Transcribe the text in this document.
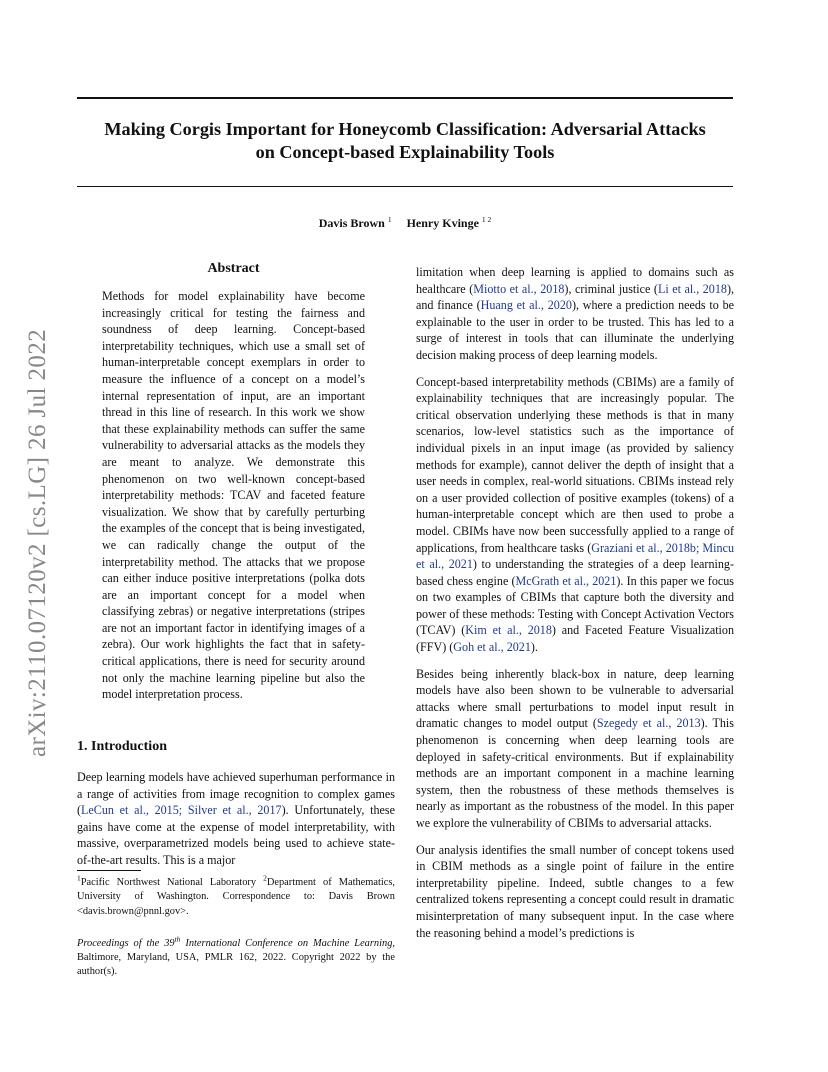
arXiv:2110.07120v2 [cs.LG] 26 Jul 2022
Making Corgis Important for Honeycomb Classification: Adversarial Attacks
on Concept-based Explainability Tools

Davis Brown $^1$ Henry Kvinge $^{1 2}$

Abstract

Methods for model explainability have become increasingly critical for testing the fairness and soundness of deep learning. Concept-based interpretability techniques, which use a small set of human-interpretable concept exemplars in order to measure the influence of a concept on a model’s internal representation of input, are an important thread in this line of research. In this work we show that these explainability methods can suffer the same vulnerability to adversarial attacks as the models they are meant to analyze. We demonstrate this phenomenon on two well-known concept-based interpretability methods: TCAV and faceted feature visualization. We show that by carefully perturbing the examples of the concept that is being investigated, we can radically change the output of the interpretability method. The attacks that we propose can either induce positive interpretations (polka dots are an important concept for a model when classifying zebras) or negative interpretations (stripes are not an important factor in identifying images of a zebra). Our work highlights the fact that in safety-critical applications, there is need for security around not only the machine learning pipeline but also the model interpretation process.

1. Introduction

Deep learning models have achieved superhuman performance in a range of activities from image recognition to complex games (LeCun et al., 2015; Silver et al., 2017). Unfortunately, these gains have come at the expense of model interpretability, with massive, overparametrized models being used to achieve state-of-the-art results. This is a major

$^1$Pacific Northwest National Laboratory $^2$Department of Mathematics, University of Washington. Correspondence to: Davis Brown <davis.brown@pnnl.gov>.

Proceedings of the 39th International Conference on Machine Learning, Baltimore, Maryland, USA, PMLR 162, 2022. Copyright 2022 by the author(s).

limitation when deep learning is applied to domains such as healthcare (Miotto et al., 2018), criminal justice (Li et al., 2018), and finance (Huang et al., 2020), where a prediction needs to be explainable to the user in order to be trusted. This has led to a surge of interest in tools that can illuminate the underlying decision making process of deep learning models.

Concept-based interpretability methods (CBIMs) are a family of explainability techniques that are increasingly popular. The critical observation underlying these methods is that in many scenarios, low-level statistics such as the importance of individual pixels in an input image (as provided by saliency methods for example), cannot deliver the depth of insight that a user needs in complex, real-world situations. CBIMs instead rely on a user provided collection of positive examples (tokens) of a human-interpretable concept which are then used to probe a model. CBIMs have now been successfully applied to a range of applications, from healthcare tasks (Graziani et al., 2018b; Mincu et al., 2021) to understanding the strategies of a deep learning-based chess engine (McGrath et al., 2021). In this paper we focus on two examples of CBIMs that capture both the diversity and power of these methods: Testing with Concept Activation Vectors (TCAV) (Kim et al., 2018) and Faceted Feature Visualization (FFV) (Goh et al., 2021).

Besides being inherently black-box in nature, deep learning models have also been shown to be vulnerable to adversarial attacks where small perturbations to model input result in dramatic changes to model output (Szegedy et al., 2013). This phenomenon is concerning when deep learning tools are deployed in safety-critical environments. But if explainability methods are an important component in a machine learning system, then the robustness of these methods themselves is nearly as important as the robustness of the model. In this paper we explore the vulnerability of CBIMs to adversarial attacks.

Our analysis identifies the small number of concept tokens used in CBIM methods as a single point of failure in the entire interpretability pipeline. Indeed, subtle changes to a few centralized tokens representing a concept could result in dramatic misinterpretation of many subsequent input. In the case where the reasoning behind a model’s predictions is
